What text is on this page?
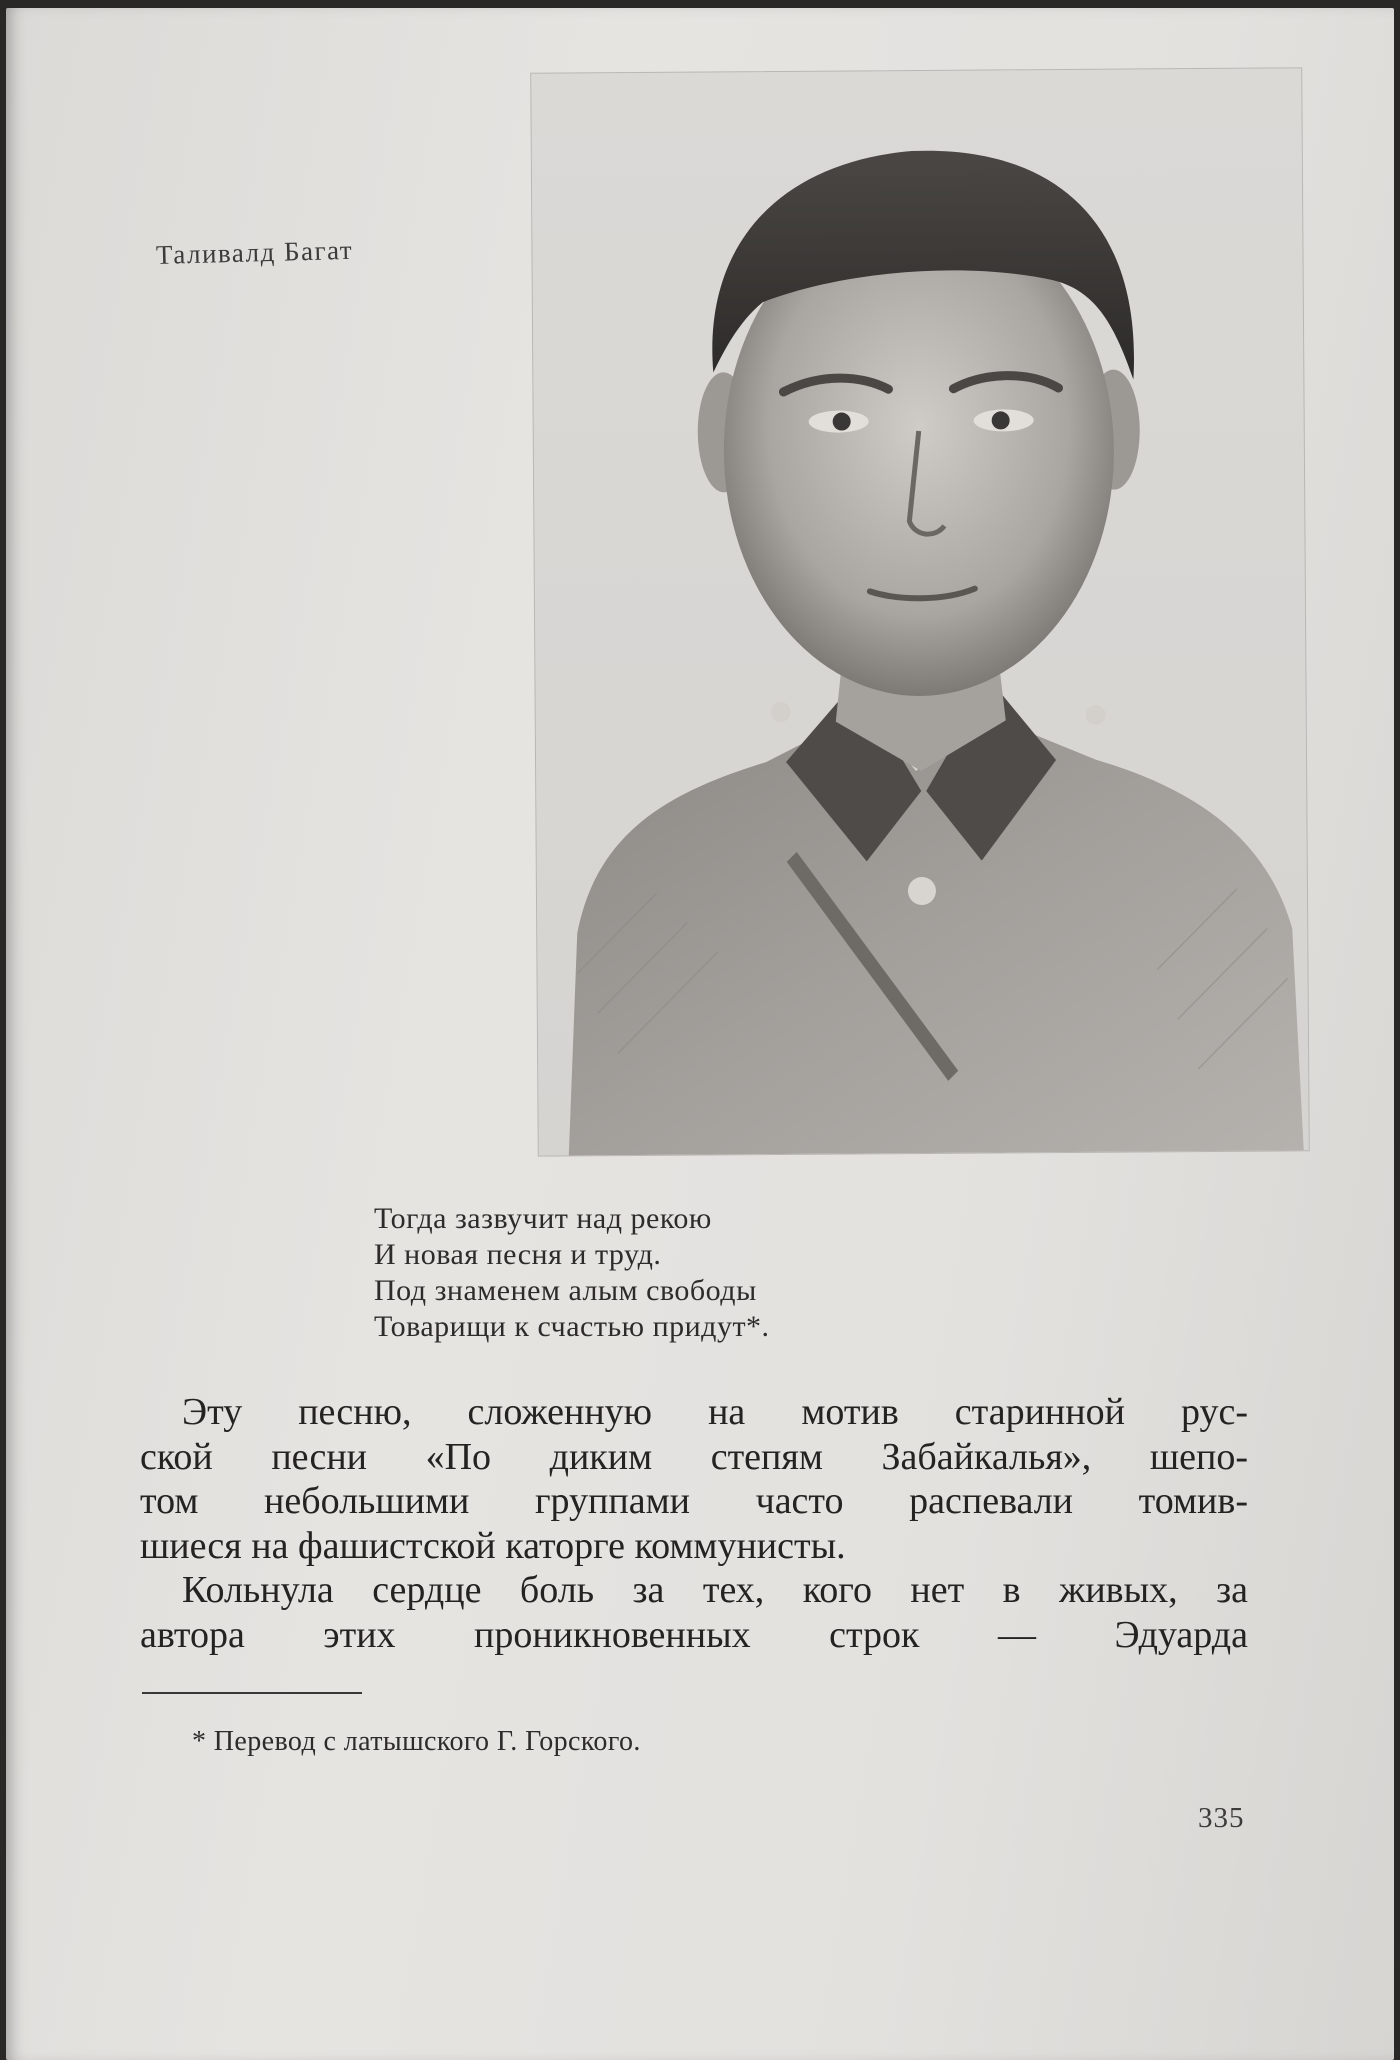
Таливалд Багат
Тогда зазвучит над рекою
И новая песня и труд.
Под знаменем алым свободы
Товарищи к счастью придут*.
Эту песню, сложенную на мотив старинной рус-
ской песни «По диким степям Забайкалья», шепо-
том небольшими группами часто распевали томив-
шиеся на фашистской каторге коммунисты.
Кольнула сердце боль за тех, кого нет в живых, за
автора этих проникновенных строк — Эдуарда
* Перевод с латышского Г. Горского.
335
